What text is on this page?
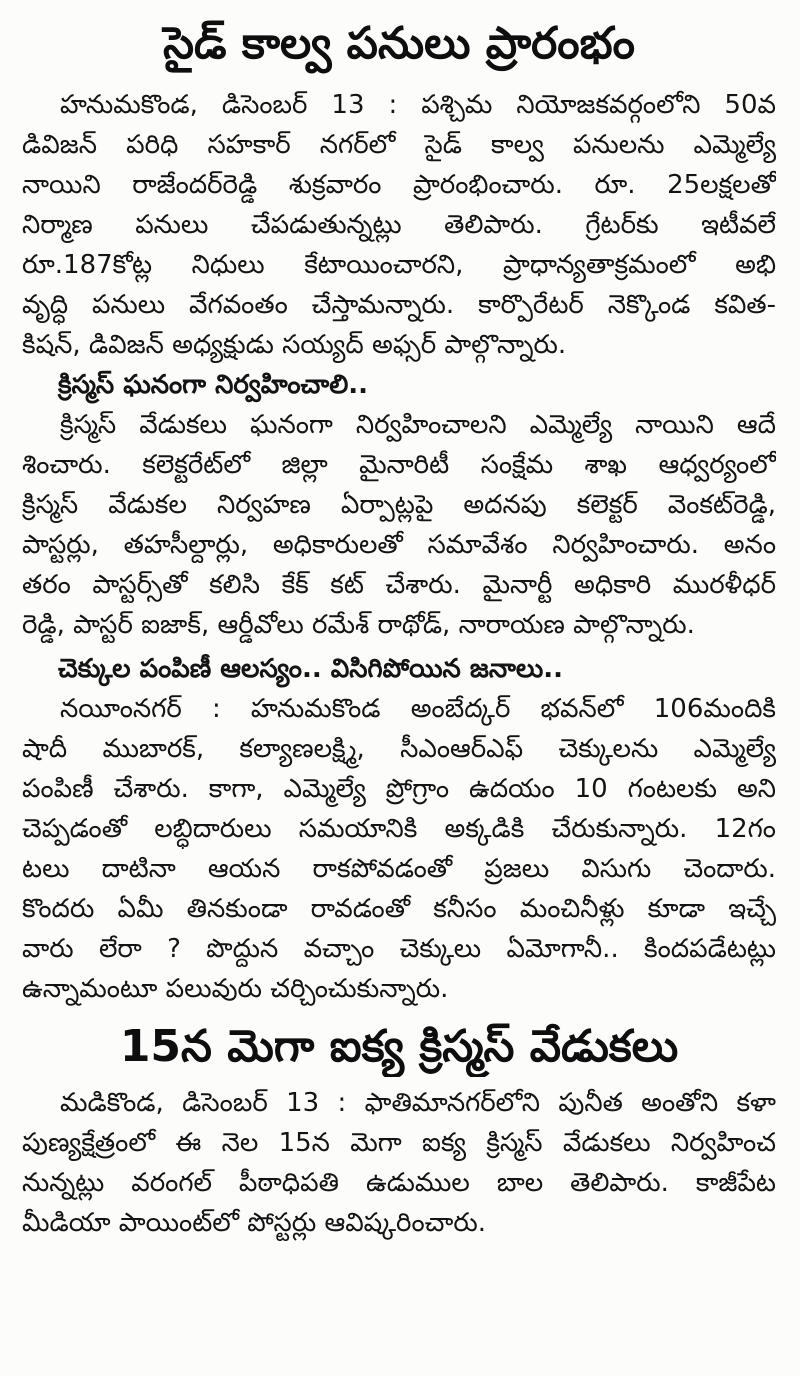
సైడ్ కాల్వ పనులు ప్రారంభం
హనుమకొండ, డిసెంబర్ 13 : పశ్చిమ నియోజకవర్గంలోని 50వ
డివిజన్ పరిధి సహకార్ నగర్‌లో సైడ్ కాల్వ పనులను ఎమ్మెల్యే
నాయిని రాజేందర్‌రెడ్డి శుక్రవారం ప్రారంభించారు. రూ. 25లక్షలతో
నిర్మాణ పనులు చేపడుతున్నట్లు తెలిపారు. గ్రేటర్‌కు ఇటీవలే
రూ.187కోట్ల నిధులు కేటాయించారని, ప్రాధాన్యతాక్రమంలో అభి
వృద్ధి పనులు వేగవంతం చేస్తామన్నారు. కార్పొరేటర్ నెక్కొండ కవిత-
కిషన్, డివిజన్ అధ్యక్షుడు సయ్యద్ అఫ్సర్ పాల్గొన్నారు.
క్రిస్మస్ ఘనంగా నిర్వహించాలి..
క్రిస్మస్ వేడుకలు ఘనంగా నిర్వహించాలని ఎమ్మెల్యే నాయిని ఆదే
శించారు. కలెక్టరేట్‌లో జిల్లా మైనారిటీ సంక్షేమ శాఖ ఆధ్వర్యంలో
క్రిస్మస్ వేడుకల నిర్వహణ ఏర్పాట్లపై అదనపు కలెక్టర్ వెంకట్‌రెడ్డి,
పాస్టర్లు, తహసీల్దార్లు, అధికారులతో సమావేశం నిర్వహించారు. అనం
తరం పాస్టర్స్‌తో కలిసి కేక్ కట్ చేశారు. మైనార్టీ అధికారి మురళీధర్
రెడ్డి, పాస్టర్ ఐజాక్, ఆర్డీవోలు రమేశ్ రాథోడ్, నారాయణ పాల్గొన్నారు.
చెక్కుల పంపిణీ ఆలస్యం.. విసిగిపోయిన జనాలు..
నయీంనగర్ : హనుమకొండ అంబేద్కర్ భవన్‌లో 106మందికి
షాదీ ముబారక్, కల్యాణలక్ష్మి, సీఎంఆర్ఎఫ్ చెక్కులను ఎమ్మెల్యే
పంపిణీ చేశారు. కాగా, ఎమ్మెల్యే ప్రోగ్రాం ఉదయం 10 గంటలకు అని
చెప్పడంతో లబ్ధిదారులు సమయానికి అక్కడికి చేరుకున్నారు. 12గం
టలు దాటినా ఆయన రాకపోవడంతో ప్రజలు విసుగు చెందారు.
కొందరు ఏమీ తినకుండా రావడంతో కనీసం మంచినీళ్లు కూడా ఇచ్చే
వారు లేరా ? పొద్దున వచ్చాం చెక్కులు ఏమోగానీ.. కిందపడేటట్లు
ఉన్నామంటూ పలువురు చర్చించుకున్నారు.
15న మెగా ఐక్య క్రిస్మస్ వేడుకలు
మడికొండ, డిసెంబర్ 13 : ఫాతిమానగర్‌లోని పునీత అంతోని కళా
పుణ్యక్షేత్రంలో ఈ నెల 15న మెగా ఐక్య క్రిస్మస్ వేడుకలు నిర్వహించ
నున్నట్లు వరంగల్ పీఠాధిపతి ఉడుముల బాల తెలిపారు. కాజీపేట
మీడియా పాయింట్‌లో పోస్టర్లు ఆవిష్కరించారు.
